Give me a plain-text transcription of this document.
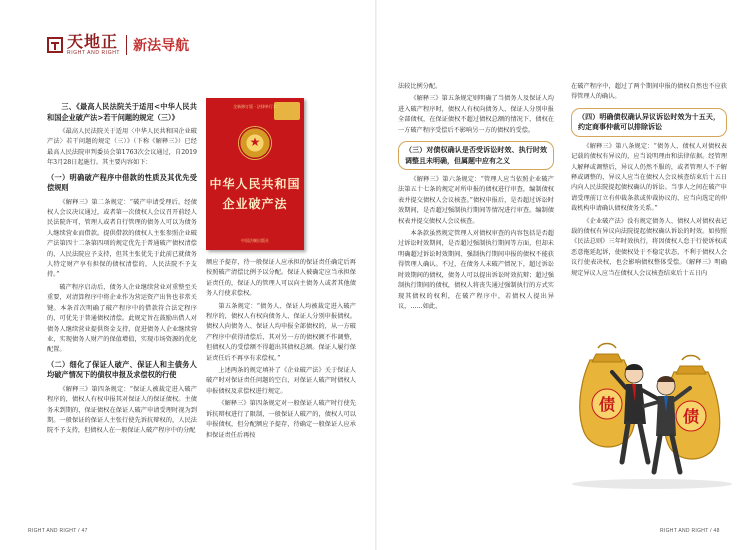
天地正
RIGHT AND RIGHT 新法导航
三、《最高人民法院关于适用<中华人民共和国企业破产法>若干问题的规定（三）》

《最高人民法院关于适用〈中华人民共和国企业破产法〉若干问题的规定（三）》（下称《解释三》）已经最高人民法院审判委员会第1763次会议通过，自2019年3月28日起施行。其主要内容如下：

（一）明确破产程序中借款的性质及其优先受偿规则

《解释三》第二条规定：“破产申请受理后，经债权人会议决议通过，或者第一次债权人会议召开前经人民法院许可，管理人或者自行管理的债务人可以为债务人继续营业而借款。提供借款的债权人主张参照企业破产法第四十二条第四项的规定优先于普通破产债权清偿的，人民法院应予支持，但其主张优先于此前已就债务人特定财产享有担保的债权清偿的，人民法院不予支持。”

破产程序启动后，债务人企业继续营业对重整至关重要，对清算程序中将企业作为营运资产出售也非常关键。本条首次明确了破产程序中的借款符合法定程序的，可优先于普通债权清偿。此规定旨在鼓励出借人对债务人继续营业提供资金支持，促进债务人企业继续营业，实现债务人财产的保值增值，实现市场资源的优化配置。

（二）细化了保证人破产、保证人和主债务人均破产情况下的债权申报及求偿权的行使

《解释三》第四条规定：“保证人被裁定进入破产程序的，债权人有权申报其对保证人的保证债权。主债务未到期的，保证债权在保证人破产申请受理时视为到期。一般保证的保证人主张行使先诉抗辩权的，人民法院不予支持，但债权人在一般保证人破产程序中的分配

全新修订版 · 法律单行本
★
中华人民共和国
企业破产法
中国法制出版社

额应予提存，待一般保证人应承担的保证责任确定后再按照破产清偿比例予以分配。保证人被确定应当承担保证责任的，保证人的管理人可以向主债务人或者其他债务人行使求偿权。

第五条规定：“债务人、保证人均被裁定进入破产程序的，债权人有权向债务人、保证人分别申报债权。债权人向债务人、保证人均申报全部债权的，从一方破产程序中获得清偿后，其对另一方的债权额不作调整，但债权人的受偿额不得超出其债权总额。保证人履行保证责任后不再享有求偿权。”

上述两条的规定填补了《企业破产法》关于保证人破产时对保证责任问题的空白，对保证人破产时债权人申报债权及求偿权进行规定。

《解释三》第四条规定对一般保证人破产时行使先诉抗辩权进行了限制，一般保证人破产的，债权人可以申报债权，但分配额应予提存，待确定一般保证人应承担保证责任后再按

法较比例分配。

《解释三》第五条规定则明确了当债务人及保证人均进入破产程序时，债权人有权向债务人、保证人分别申报全部债权，在保证债权不超过债权总额的情况下，债权在一方破产程序受偿后不影响另一方的债权的受偿。

（三）对债权确认是否受诉讼时效、执行时效调整且未明确，但属题中应有之义

《解释三》第六条规定：“管理人应当依照企业破产法第五十七条的规定对所申报的债权进行审查，编制债权表并提交债权人会议核查。”债权申报后，是否超过诉讼时效期间，是否超过强制执行期间等情况进行审查。编制债权表并提交债权人会议核查。

本条款虽然规定管理人对债权审查的内容包括是否超过诉讼时效期间，是否超过强制执行期间等方面，但却未明确超过诉讼时效期间、强制执行期间申报的债权不能获得管理人确认。不过，在债务人未破产情况下，超过诉讼时效期间的债权，债务人可以提出诉讼时效抗辩；超过强制执行期间的债权，债权人将丧失通过强制执行的方式实现其债权的权利，在破产程序中，若债权人提出异议，……如此，

在破产程序中，超过了两个期间申报的债权自然也不应获得管理人的确认。

（四）明确债权确认异议诉讼时效为十五天，约定商事仲裁可以排除诉讼

《解释三》第八条规定：“债务人、债权人对债权表记载的债权有异议的，应当说明理由和法律依据。经管理人解释或调整后，异议人仍然不服的，或者管理人不予解释或调整的，异议人应当在债权人会议核查结束后十五日内向人民法院提起债权确认的诉讼。当事人之间在破产申请受理前订立有仲裁条款或仲裁协议的，应当向选定的仲裁机构申请确认债权债务关系。”

《企业破产法》没有规定债务人、债权人对债权表记载的债权有异议向法院提起债权确认诉讼的时效。如按照《民法总则》三年时效执行，将因债权人怠于行使诉权或恶意拖延起诉，使债权处于不稳定状态，不利于债权人会议行使表决权，也会影响债权整体受偿。《解释三》明确规定异议人应当在债权人会议核查结束后十五日内

债
债
RIGHT AND RIGHT / 47	RIGHT AND RIGHT / 48
